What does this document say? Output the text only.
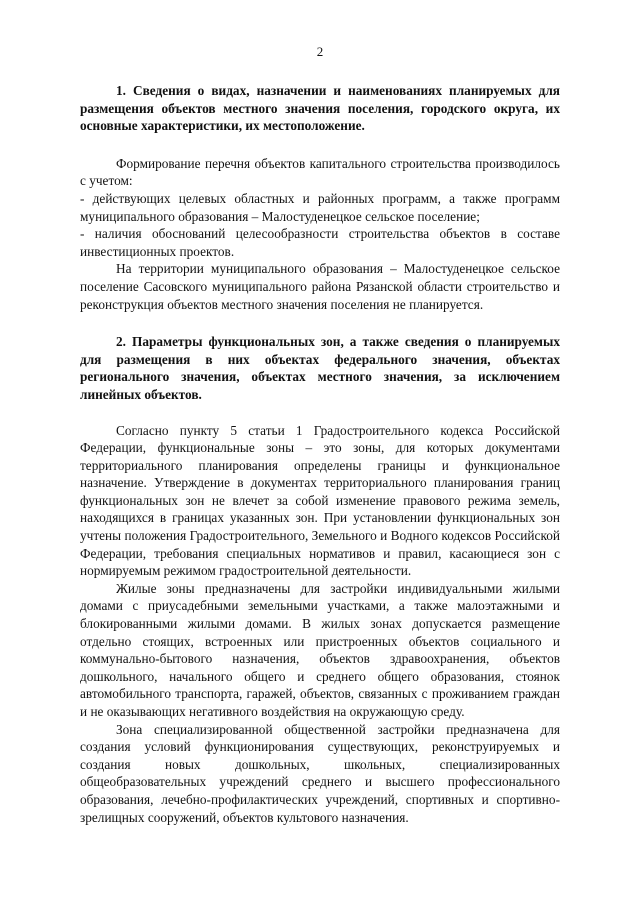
2

1. Сведения о видах, назначении и наименованиях планируемых для размещения объектов местного значения поселения, городского округа, их основные характеристики, их местоположение.

Формирование перечня объектов капитального строительства производилось с учетом:

- действующих целевых областных и районных программ, а также программ муниципального образования – Малостуденецкое сельское поселение;

- наличия обоснований целесообразности строительства объектов в составе инвестиционных проектов.

На территории муниципального образования – Малостуденецкое сельское поселение Сасовского муниципального района Рязанской области строительство и реконструкция объектов местного значения поселения не планируется.

2. Параметры функциональных зон, а также сведения о планируемых для размещения в них объектах федерального значения, объектах регионального значения, объектах местного значения, за исключением линейных объектов.

Согласно пункту 5 статьи 1 Градостроительного кодекса Российской Федерации, функциональные зоны – это зоны, для которых документами территориального планирования определены границы и функциональное назначение. Утверждение в документах территориального планирования границ функциональных зон не влечет за собой изменение правового режима земель, находящихся в границах указанных зон. При установлении функциональных зон учтены положения Градостроительного, Земельного и Водного кодексов Российской Федерации, требования специальных нормативов и правил, касающиеся зон с нормируемым режимом градостроительной деятельности.

Жилые зоны предназначены для застройки индивидуальными жилыми домами с приусадебными земельными участками, а также малоэтажными и блокированными жилыми домами. В жилых зонах допускается размещение отдельно стоящих, встроенных или пристроенных объектов социального и коммунально-бытового назначения, объектов здравоохранения, объектов дошкольного, начального общего и среднего общего образования, стоянок автомобильного транспорта, гаражей, объектов, связанных с проживанием граждан и не оказывающих негативного воздействия на окружающую среду.

Зона специализированной общественной застройки предназначена для создания условий функционирования существующих, реконструируемых и создания новых дошкольных, школьных, специализированных общеобразовательных учреждений среднего и высшего профессионального образования, лечебно-профилактических учреждений, спортивных и спортивно-зрелищных сооружений, объектов культового назначения.
